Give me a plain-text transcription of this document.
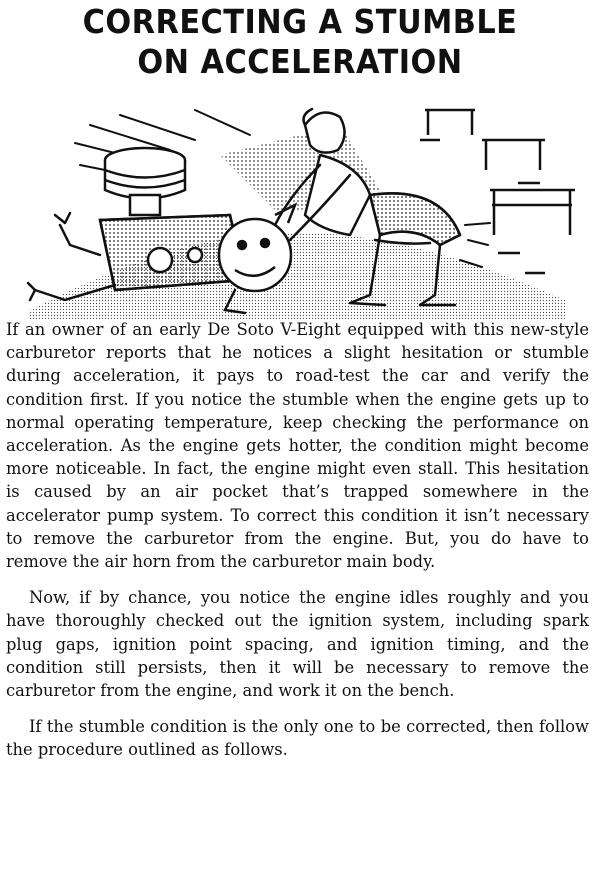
CORRECTING A STUMBLE
ON ACCELERATION

If an owner of an early De Soto V-Eight equipped with this new-style carburetor reports that he notices a slight hesitation or stumble during acceleration, it pays to road-test the car and verify the condition first. If you notice the stumble when the engine gets up to normal operating temperature, keep checking the performance on acceleration. As the engine gets hotter, the condition might become more noticeable. In fact, the engine might even stall. This hesitation is caused by an air pocket that’s trapped somewhere in the accelerator pump system. To correct this condition it isn’t necessary to remove the carburetor from the engine. But, you do have to remove the air horn from the carburetor main body.

Now, if by chance, you notice the engine idles roughly and you have thoroughly checked out the ignition system, including spark plug gaps, ignition point spacing, and ignition timing, and the condition still persists, then it will be necessary to remove the carburetor from the engine, and work it on the bench.

If the stumble condition is the only one to be corrected, then follow the procedure outlined as follows.
